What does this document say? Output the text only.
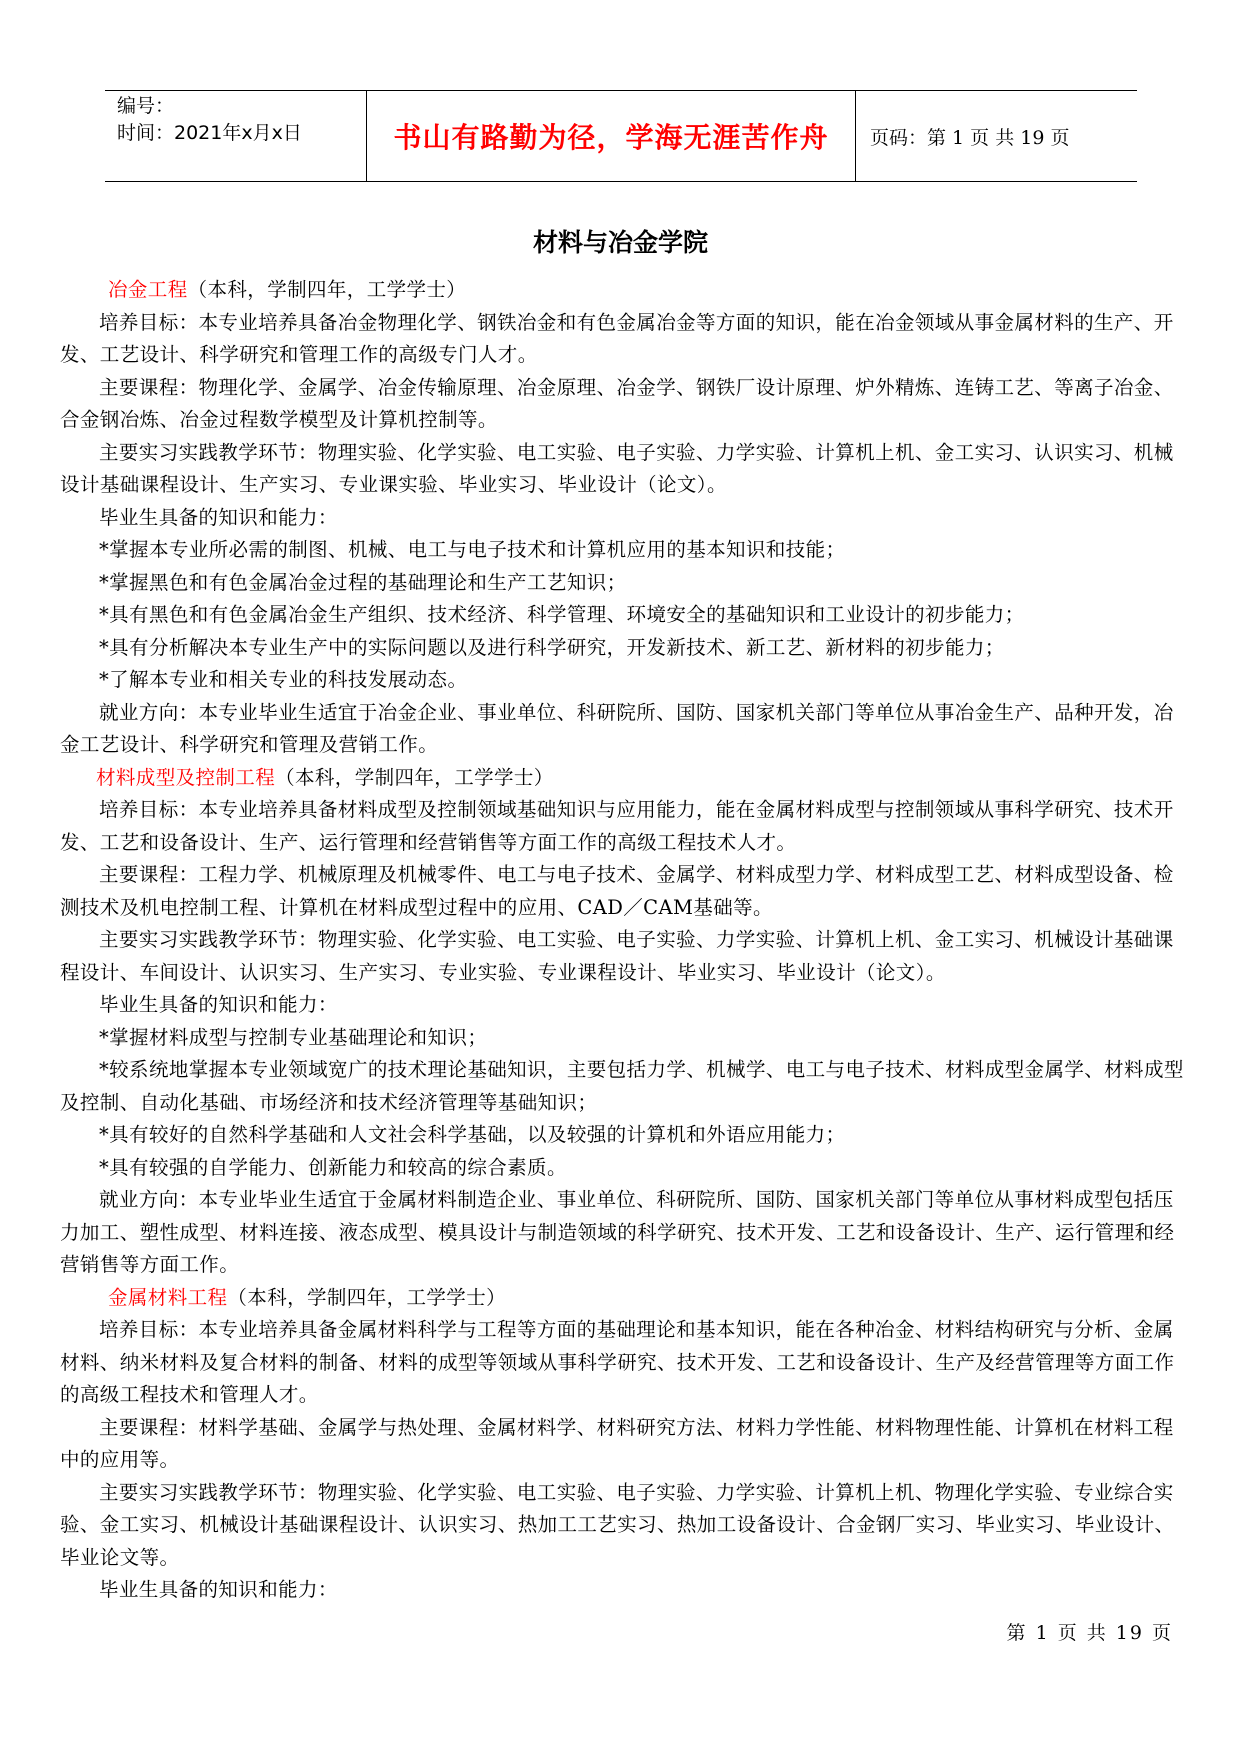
编号：
时间：2021年x月x日	书山有路勤为径，学海无涯苦作舟	页码：第 1 页 共 19 页
材料与冶金学院

冶金工程（本科，学制四年，工学学士）

培养目标：本专业培养具备冶金物理化学、钢铁冶金和有色金属冶金等方面的知识，能在冶金领域从事金属材料的生产、开发、工艺设计、科学研究和管理工作的高级专门人才。

主要课程：物理化学、金属学、冶金传输原理、冶金原理、冶金学、钢铁厂设计原理、炉外精炼、连铸工艺、等离子冶金、合金钢冶炼、冶金过程数学模型及计算机控制等。

主要实习实践教学环节：物理实验、化学实验、电工实验、电子实验、力学实验、计算机上机、金工实习、认识实习、机械设计基础课程设计、生产实习、专业课实验、毕业实习、毕业设计（论文）。

毕业生具备的知识和能力：

*掌握本专业所必需的制图、机械、电工与电子技术和计算机应用的基本知识和技能；

*掌握黑色和有色金属冶金过程的基础理论和生产工艺知识；

*具有黑色和有色金属冶金生产组织、技术经济、科学管理、环境安全的基础知识和工业设计的初步能力；

*具有分析解决本专业生产中的实际问题以及进行科学研究，开发新技术、新工艺、新材料的初步能力；

*了解本专业和相关专业的科技发展动态。

就业方向：本专业毕业生适宜于冶金企业、事业单位、科研院所、国防、国家机关部门等单位从事冶金生产、品种开发，冶金工艺设计、科学研究和管理及营销工作。

材料成型及控制工程（本科，学制四年，工学学士）

培养目标：本专业培养具备材料成型及控制领域基础知识与应用能力，能在金属材料成型与控制领域从事科学研究、技术开发、工艺和设备设计、生产、运行管理和经营销售等方面工作的高级工程技术人才。

主要课程：工程力学、机械原理及机械零件、电工与电子技术、金属学、材料成型力学、材料成型工艺、材料成型设备、检测技术及机电控制工程、计算机在材料成型过程中的应用、CAD／CAM基础等。

主要实习实践教学环节：物理实验、化学实验、电工实验、电子实验、力学实验、计算机上机、金工实习、机械设计基础课程设计、车间设计、认识实习、生产实习、专业实验、专业课程设计、毕业实习、毕业设计（论文）。

毕业生具备的知识和能力：

*掌握材料成型与控制专业基础理论和知识；

*较系统地掌握本专业领域宽广的技术理论基础知识，主要包括力学、机械学、电工与电子技术、材料成型金属学、材料成型及控制、自动化基础、市场经济和技术经济管理等基础知识；

*具有较好的自然科学基础和人文社会科学基础，以及较强的计算机和外语应用能力；

*具有较强的自学能力、创新能力和较高的综合素质。

就业方向：本专业毕业生适宜于金属材料制造企业、事业单位、科研院所、国防、国家机关部门等单位从事材料成型包括压力加工、塑性成型、材料连接、液态成型、模具设计与制造领域的科学研究、技术开发、工艺和设备设计、生产、运行管理和经营销售等方面工作。

金属材料工程（本科，学制四年，工学学士）

培养目标：本专业培养具备金属材料科学与工程等方面的基础理论和基本知识，能在各种冶金、材料结构研究与分析、金属材料、纳米材料及复合材料的制备、材料的成型等领域从事科学研究、技术开发、工艺和设备设计、生产及经营管理等方面工作的高级工程技术和管理人才。

主要课程：材料学基础、金属学与热处理、金属材料学、材料研究方法、材料力学性能、材料物理性能、计算机在材料工程中的应用等。

主要实习实践教学环节：物理实验、化学实验、电工实验、电子实验、力学实验、计算机上机、物理化学实验、专业综合实验、金工实习、机械设计基础课程设计、认识实习、热加工工艺实习、热加工设备设计、合金钢厂实习、毕业实习、毕业设计、毕业论文等。

毕业生具备的知识和能力：

第 1 页 共 19 页
